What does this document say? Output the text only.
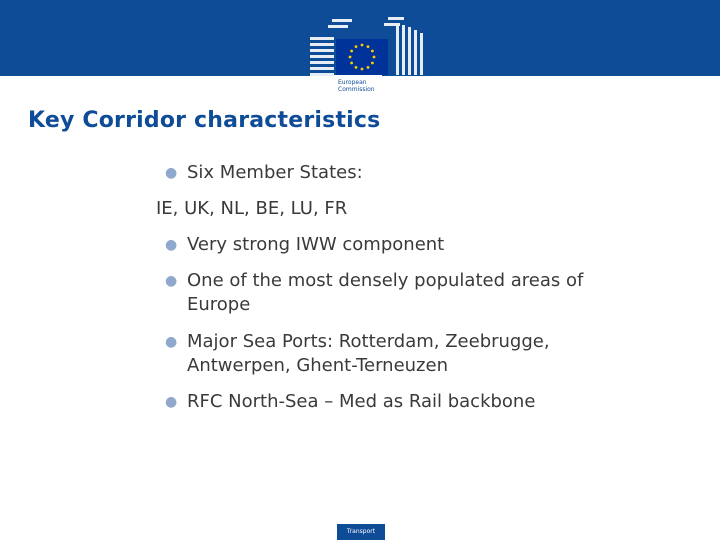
European
Commission
Key Corridor characteristics
● Six Member States:
IE, UK, NL, BE, LU, FR
● Very strong IWW component
● One of the most densely populated areas of Europe
● Major Sea Ports: Rotterdam, Zeebrugge, Antwerpen, Ghent-Terneuzen
● RFC North-Sea – Med as Rail backbone
Transport
